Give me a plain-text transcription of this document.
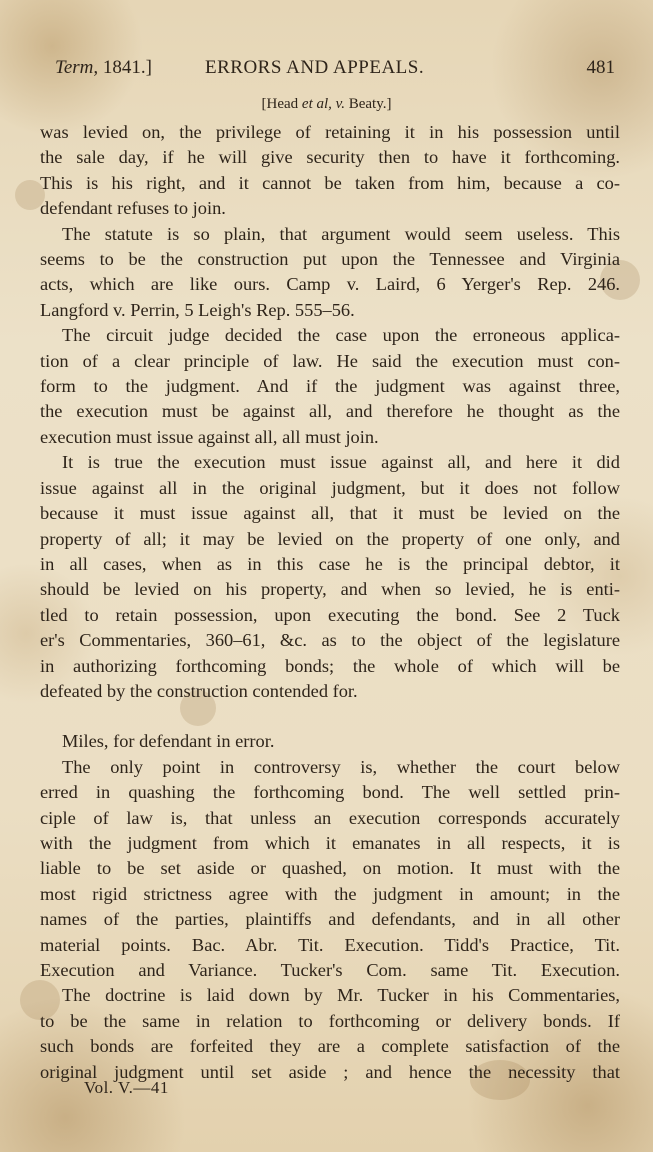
Term, 1841.]	ERRORS AND APPEALS.	481
[Head et al, v. Beaty.]
was levied on, the privilege of retaining it in his possession until
the sale day, if he will give security then to have it forthcoming.
This is his right, and it cannot be taken from him, because a co-
defendant refuses to join.
The statute is so plain, that argument would seem useless. This
seems to be the construction put upon the Tennessee and Virginia
acts, which are like ours. Camp v. Laird, 6 Yerger's Rep. 246.
Langford v. Perrin, 5 Leigh's Rep. 555–56.
The circuit judge decided the case upon the erroneous applica-
tion of a clear principle of law. He said the execution must con-
form to the judgment. And if the judgment was against three,
the execution must be against all, and therefore he thought as the
execution must issue against all, all must join.
It is true the execution must issue against all, and here it did
issue against all in the original judgment, but it does not follow
because it must issue against all, that it must be levied on the
property of all; it may be levied on the property of one only, and
in all cases, when as in this case he is the principal debtor, it
should be levied on his property, and when so levied, he is enti-
tled to retain possession, upon executing the bond. See 2 Tuck
er's Commentaries, 360–61, &c. as to the object of the legislature
in authorizing forthcoming bonds; the whole of which will be
defeated by the construction contended for.
Miles, for defendant in error.
The only point in controversy is, whether the court below
erred in quashing the forthcoming bond. The well settled prin-
ciple of law is, that unless an execution corresponds accurately
with the judgment from which it emanates in all respects, it is
liable to be set aside or quashed, on motion. It must with the
most rigid strictness agree with the judgment in amount; in the
names of the parties, plaintiffs and defendants, and in all other
material points. Bac. Abr. Tit. Execution. Tidd's Practice, Tit.
Execution and Variance. Tucker's Com. same Tit. Execution.
The doctrine is laid down by Mr. Tucker in his Commentaries,
to be the same in relation to forthcoming or delivery bonds. If
such bonds are forfeited they are a complete satisfaction of the
original judgment until set aside ; and hence the necessity that
Vol. V.—41
